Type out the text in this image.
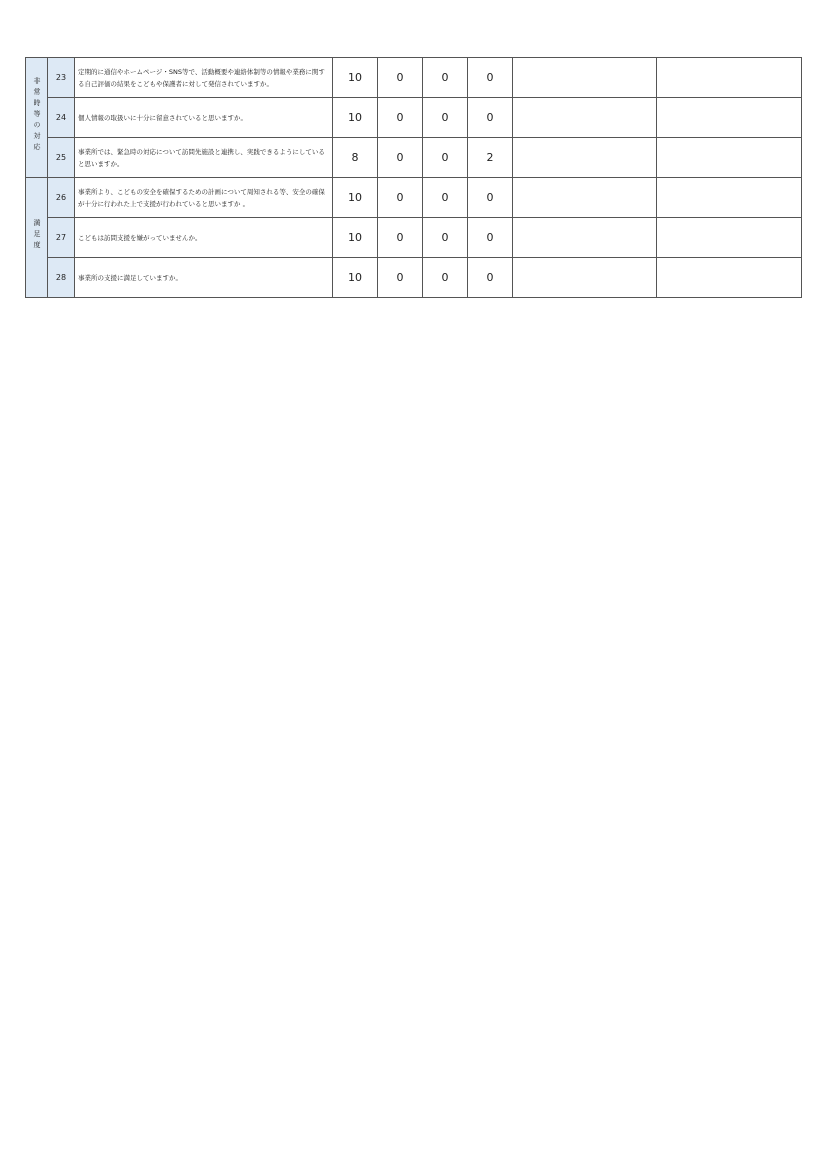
非常時等の対応	23	定期的に通信やホームページ・SNS等で、活動概要や連絡体制等の情報や業務に関する自己評価の結果をこどもや保護者に対して発信されていますか。	10	0	0	0		
	24	個人情報の取扱いに十分に留意されていると思いますか。	10	0	0	0		
	25	事業所では、緊急時の対応について訪問先施設と連携し、実践できるようにしていると思いますか。	8	0	0	2		
満足度	26	事業所より、こどもの安全を確保するための計画について周知される等、安全の確保が十分に行われた上で支援が行われていると思いますか 。	10	0	0	0		
	27	こどもは訪問支援を嫌がっていませんか。	10	0	0	0		
	28	事業所の支援に満足していますか。	10	0	0	0		
